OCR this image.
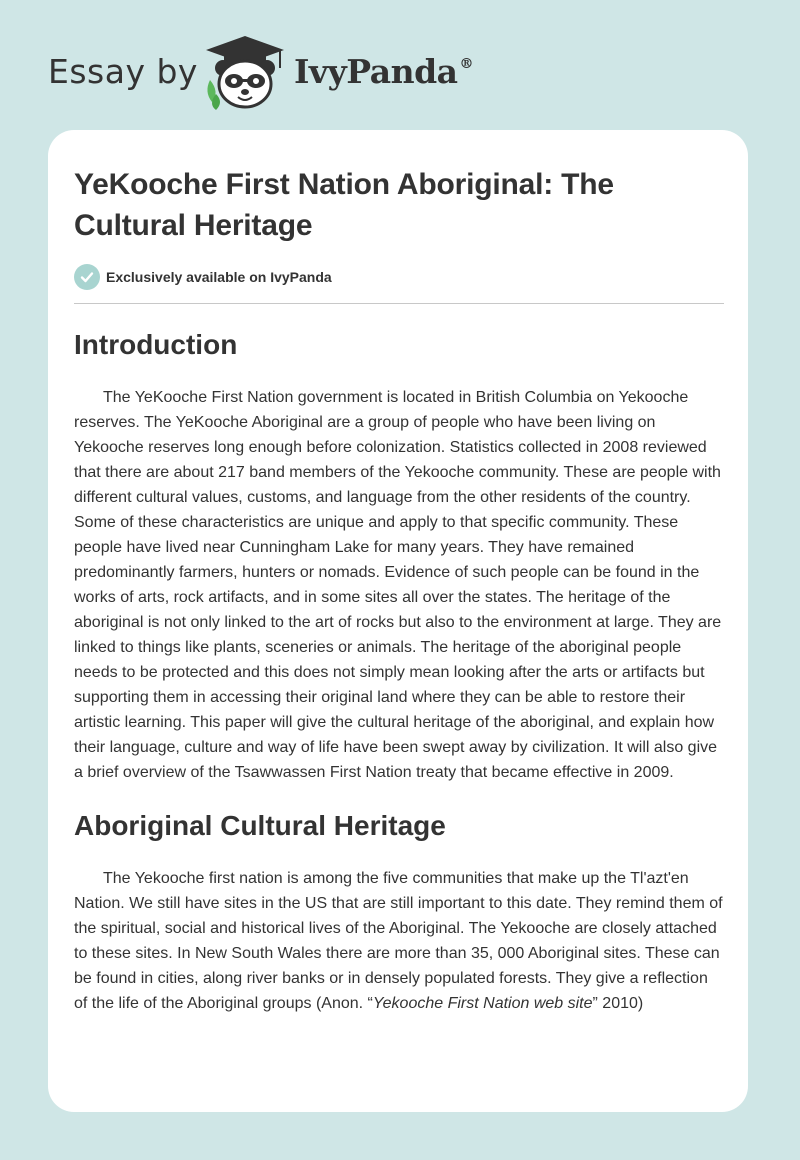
Essay by	IvyPanda ®
YeKooche First Nation Aboriginal: The Cultural Heritage
Exclusively available on IvyPanda
Introduction

The YeKooche First Nation government is located in British Columbia on Yekooche reserves. The YeKooche Aboriginal are a group of people who have been living on Yekooche reserves long enough before colonization. Statistics collected in 2008 reviewed that there are about 217 band members of the Yekooche community. These are people with different cultural values, customs, and language from the other residents of the country. Some of these characteristics are unique and apply to that specific community. These people have lived near Cunningham Lake for many years. They have remained predominantly farmers, hunters or nomads. Evidence of such people can be found in the works of arts, rock artifacts, and in some sites all over the states. The heritage of the aboriginal is not only linked to the art of rocks but also to the environment at large. They are linked to things like plants, sceneries or animals. The heritage of the aboriginal people needs to be protected and this does not simply mean looking after the arts or artifacts but supporting them in accessing their original land where they can be able to restore their artistic learning. This paper will give the cultural heritage of the aboriginal, and explain how their language, culture and way of life have been swept away by civilization. It will also give a brief overview of the Tsawwassen First Nation treaty that became effective in 2009.

Aboriginal Cultural Heritage

The Yekooche first nation is among the five communities that make up the Tl'azt'en Nation. We still have sites in the US that are still important to this date. They remind them of the spiritual, social and historical lives of the Aboriginal. The Yekooche are closely attached to these sites. In New South Wales there are more than 35, 000 Aboriginal sites. These can be found in cities, along river banks or in densely populated forests. They give a reflection of the life of the Aboriginal groups (Anon. “Yekooche First Nation web site” 2010)
